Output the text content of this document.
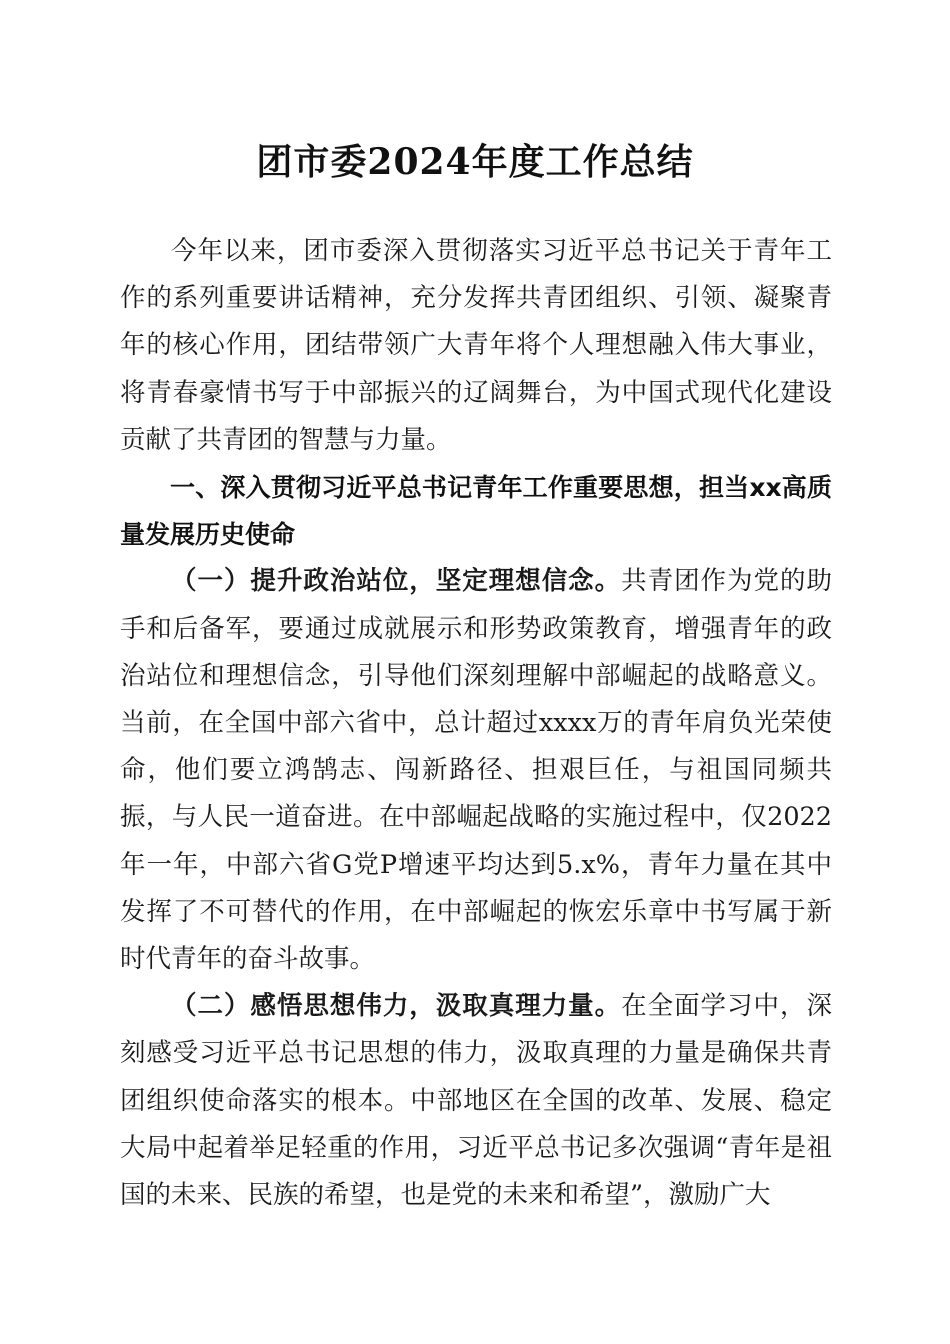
团市委2024年度工作总结

今年以来，团市委深入贯彻落实习近平总书记关于青年工作的系列重要讲话精神，充分发挥共青团组织、引领、凝聚青年的核心作用，团结带领广大青年将个人理想融入伟大事业，将青春豪情书写于中部振兴的辽阔舞台，为中国式现代化建设贡献了共青团的智慧与力量。

一、深入贯彻习近平总书记青年工作重要思想，担当xx高质量发展历史使命

（一）提升政治站位，坚定理想信念。共青团作为党的助手和后备军，要通过成就展示和形势政策教育，增强青年的政治站位和理想信念，引导他们深刻理解中部崛起的战略意义。当前，在全国中部六省中，总计超过xxxx万的青年肩负光荣使命，他们要立鸿鹄志、闯新路径、担艰巨任，与祖国同频共振，与人民一道奋进。在中部崛起战略的实施过程中，仅2022年一年，中部六省G党P增速平均达到5.x%，青年力量在其中发挥了不可替代的作用，在中部崛起的恢宏乐章中书写属于新时代青年的奋斗故事。

（二）感悟思想伟力，汲取真理力量。在全面学习中，深刻感受习近平总书记思想的伟力，汲取真理的力量是确保共青团组织使命落实的根本。中部地区在全国的改革、发展、稳定大局中起着举足轻重的作用，习近平总书记多次强调“青年是祖国的未来、民族的希望，也是党的未来和希望”，激励广大
